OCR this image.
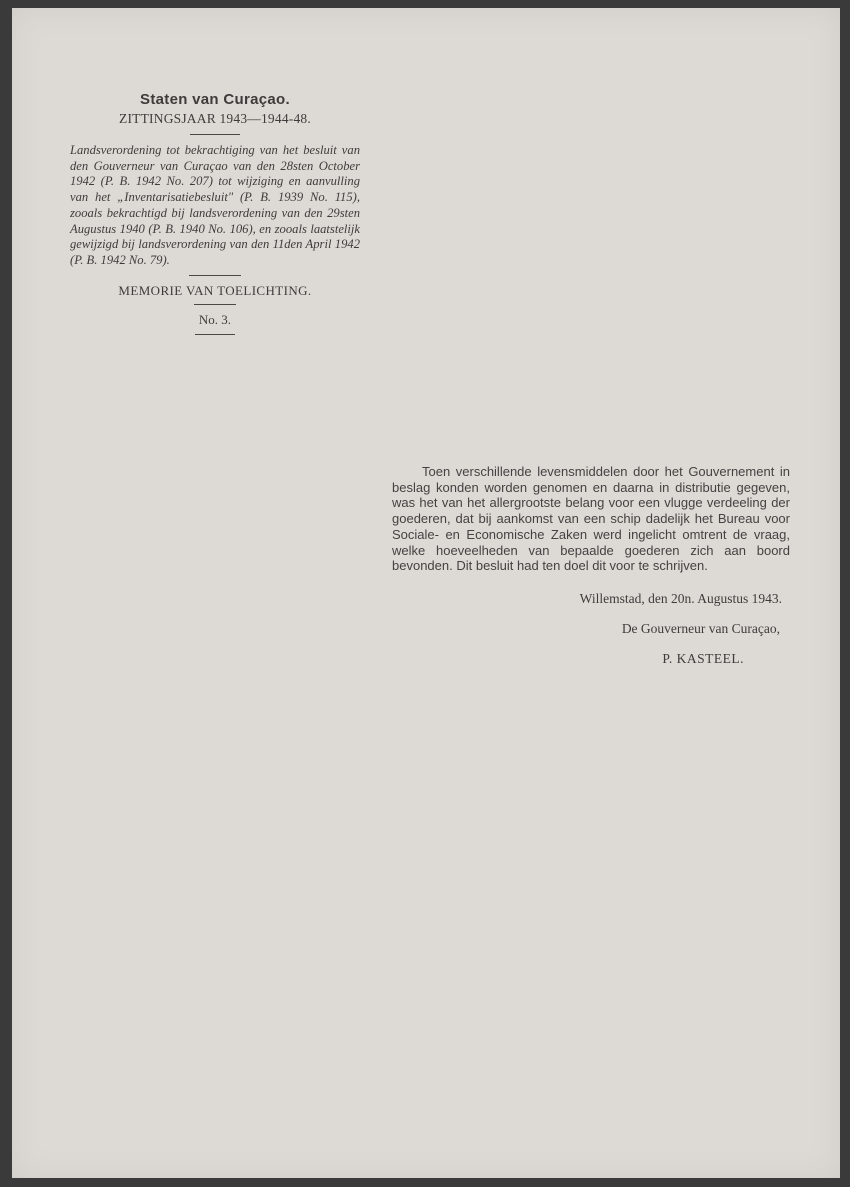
Staten van Curaçao.

ZITTINGSJAAR 1943—1944-48.

Landsverordening tot bekrachtiging van het besluit van den Gouverneur van Curaçao van den 28sten October 1942 (P. B. 1942 No. 207) tot wijziging en aanvulling van het „Inventarisatiebesluit" (P. B. 1939 No. 115), zooals bekrachtigd bij landsverordening van den 29sten Augustus 1940 (P. B. 1940 No. 106), en zooals laatstelijk gewijzigd bij landsverordening van den 11den April 1942 (P. B. 1942 No. 79).

MEMORIE VAN TOELICHTING.

No. 3.

Toen verschillende levensmiddelen door het Gouvernement in beslag konden worden genomen en daarna in distributie gegeven, was het van het allergrootste belang voor een vlugge verdeeling der goederen, dat bij aankomst van een schip dadelijk het Bureau voor Sociale- en Economische Zaken werd ingelicht omtrent de vraag, welke hoeveelheden van bepaalde goederen zich aan boord bevonden. Dit besluit had ten doel dit voor te schrijven.

Willemstad, den 20n. Augustus 1943.

De Gouverneur van Curaçao,

P. KASTEEL.
